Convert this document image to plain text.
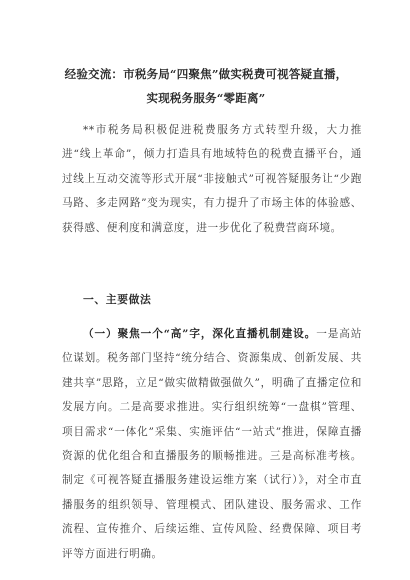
经验交流：市税务局“四聚焦”做实税费可视答疑直播，
实现税务服务“零距离”
**市税务局积极促进税费服务方式转型升级，大力推进“线上革命”，倾力打造具有地域特色的税费直播平台，通过线上互动交流等形式开展“非接触式”可视答疑服务让“少跑马路、多走网路”变为现实，有力提升了市场主体的体验感、获得感、便利度和满意度，进一步优化了税费营商环境。
一、主要做法
（一）聚焦一个“高”字，深化直播机制建设。一是高站位谋划。税务部门坚持“统分结合、资源集成、创新发展、共建共享”思路，立足“做实做精做强做久”，明确了直播定位和发展方向。二是高要求推进。实行组织统筹“一盘棋”管理、项目需求“一体化”采集、实施评估“一站式”推进，保障直播资源的优化组合和直播服务的顺畅推进。三是高标准考核。制定《可视答疑直播服务建设运维方案（试行）》，对全市直播服务的组织领导、管理模式、团队建设、服务需求、工作流程、宣传推介、后续运维、宣传风险、经费保障、项目考评等方面进行明确。
